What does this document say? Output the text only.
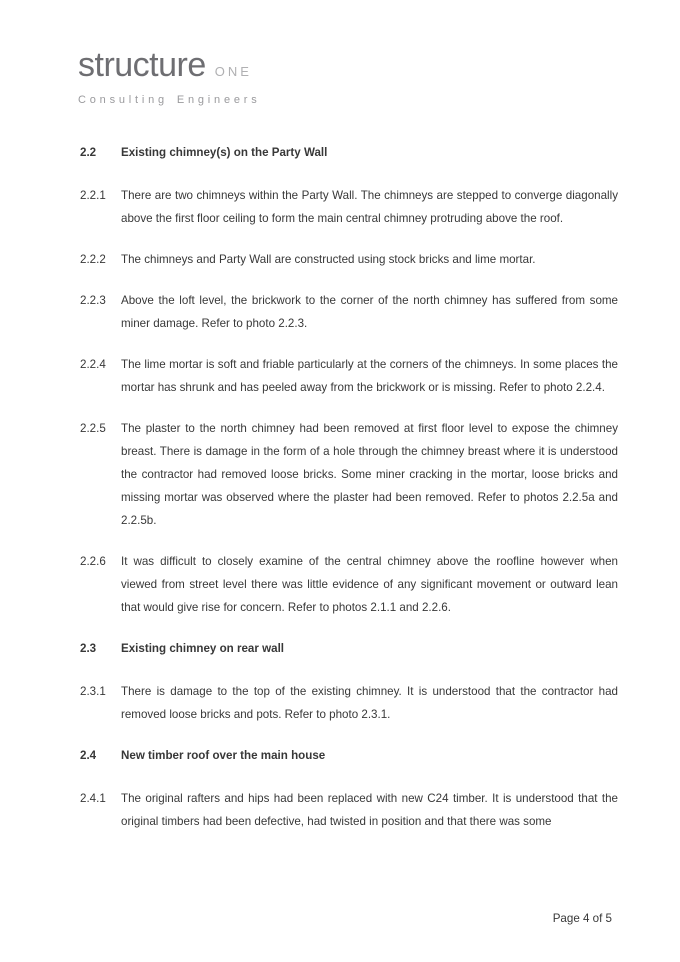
structure ONE
Consulting Engineers
2.2	Existing chimney(s) on the Party Wall
2.2.1	There are two chimneys within the Party Wall. The chimneys are stepped to converge diagonally above the first floor ceiling to form the main central chimney protruding above the roof.
2.2.2	The chimneys and Party Wall are constructed using stock bricks and lime mortar.
2.2.3	Above the loft level, the brickwork to the corner of the north chimney has suffered from some miner damage. Refer to photo 2.2.3.
2.2.4	The lime mortar is soft and friable particularly at the corners of the chimneys. In some places the mortar has shrunk and has peeled away from the brickwork or is missing. Refer to photo 2.2.4.
2.2.5	The plaster to the north chimney had been removed at first floor level to expose the chimney breast. There is damage in the form of a hole through the chimney breast where it is understood the contractor had removed loose bricks. Some miner cracking in the mortar, loose bricks and missing mortar was observed where the plaster had been removed. Refer to photos 2.2.5a and 2.2.5b.
2.2.6	It was difficult to closely examine of the central chimney above the roofline however when viewed from street level there was little evidence of any significant movement or outward lean that would give rise for concern. Refer to photos 2.1.1 and 2.2.6.
2.3	Existing chimney on rear wall
2.3.1	There is damage to the top of the existing chimney. It is understood that the contractor had removed loose bricks and pots. Refer to photo 2.3.1.
2.4	New timber roof over the main house
2.4.1	The original rafters and hips had been replaced with new C24 timber. It is understood that the original timbers had been defective, had twisted in position and that there was some
Page 4 of 5
